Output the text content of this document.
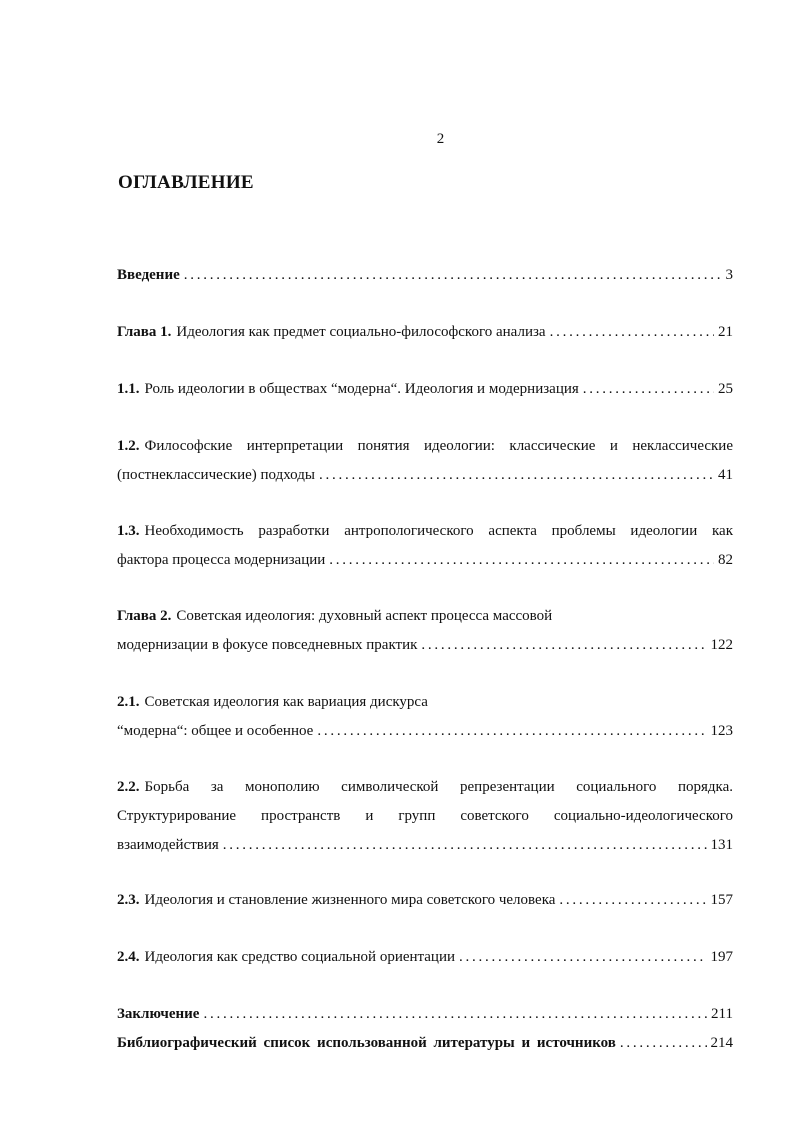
2
ОГЛАВЛЕНИЕ
Введение . . .	3
Глава 1. Идеология как предмет социально-философского анализа . . .	21
1.1. Роль идеологии в обществах “модерна“. Идеология и модернизация . . .	25
1.2. Философские интерпретации понятия идеологии: классические и неклассические
(постнеклассические) подходы . . .	41
1.3. Необходимость разработки антропологического аспекта проблемы идеологии как
фактора процесса модернизации . . .	82
Глава 2. Советская идеология: духовный аспект процесса массовой
модернизации в фокусе повседневных практик . . .	122
2.1. Советская идеология как вариация дискурса
“модерна“: общее и особенное . . .	123
2.2. Борьба за монополию символической репрезентации социального порядка.
Структурирование пространств и групп советского социально-идеологического
взаимодействия . . .	131
2.3. Идеология и становление жизненного мира советского человека . . .	157
2.4. Идеология как средство социальной ориентации . . .	197
Заключение . . .	211
Библиографический список использованной литературы и источников . . .	214
